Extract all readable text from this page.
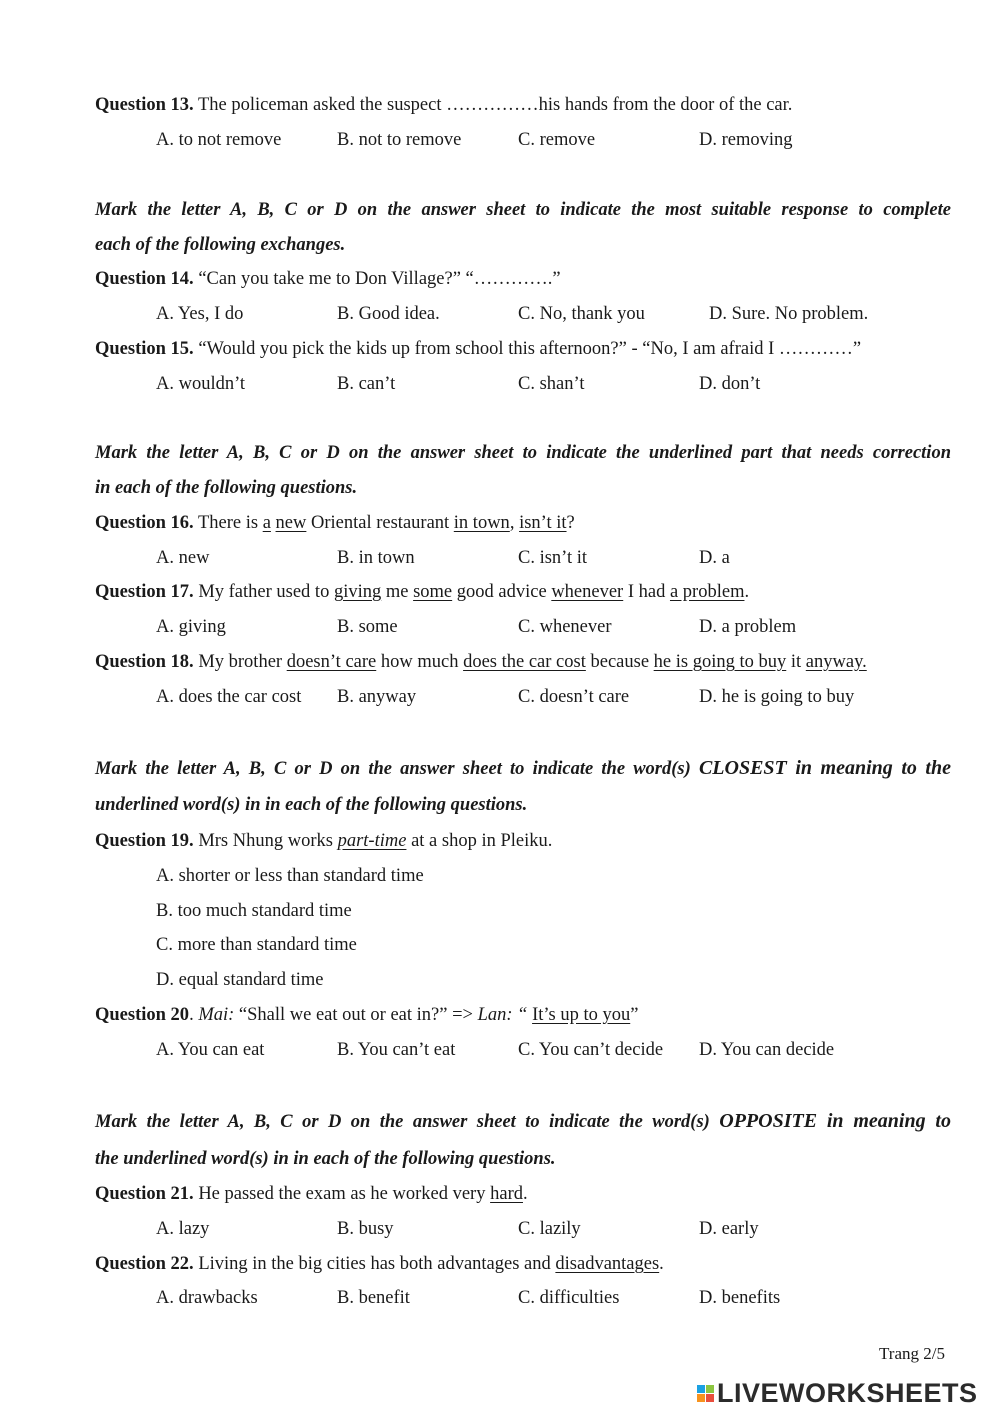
Question 13. The policeman asked the suspect ……………his hands from the door of the car.
A. to not remove	B. not to remove	C. remove	D. removing
Mark the letter A, B, C or D on the answer sheet to indicate the most suitable response to complete
each of the following exchanges.
Question 14. “Can you take me to Don Village?” “………….”
A. Yes, I do	B. Good idea.	C. No, thank you	D. Sure. No problem.
Question 15. “Would you pick the kids up from school this afternoon?” - “No, I am afraid I …………”
A. wouldn’t	B. can’t	C. shan’t	D. don’t
Mark the letter A, B, C or D on the answer sheet to indicate the underlined part that needs correction
in each of the following questions.
Question 16. There is a new Oriental restaurant in town, isn’t it?
A. new	B. in town	C. isn’t it	D. a
Question 17. My father used to giving me some good advice whenever I had a problem.
A. giving	B. some	C. whenever	D. a problem
Question 18. My brother doesn’t care how much does the car cost because he is going to buy it anyway.
A. does the car cost B. anyway	C. doesn’t care	D. he is going to buy
Mark the letter A, B, C or D on the answer sheet to indicate the word(s) CLOSEST in meaning to the
underlined word(s) in in each of the following questions.
Question 19. Mrs Nhung works part-time at a shop in Pleiku.
A. shorter or less than standard time
B. too much standard time
C. more than standard time
D. equal standard time
Question 20. Mai: “Shall we eat out or eat in?” => Lan: “ It’s up to you”
A. You can eat	B. You can’t eat	C. You can’t decide D. You can decide
Mark the letter A, B, C or D on the answer sheet to indicate the word(s) OPPOSITE in meaning to
the underlined word(s) in in each of the following questions.
Question 21. He passed the exam as he worked very hard.
A. lazy	B. busy	C. lazily	D. early
Question 22. Living in the big cities has both advantages and disadvantages.
A. drawbacks	B. benefit	C. difficulties	D. benefits
Trang 2/5
LIVEWORKSHEETS
